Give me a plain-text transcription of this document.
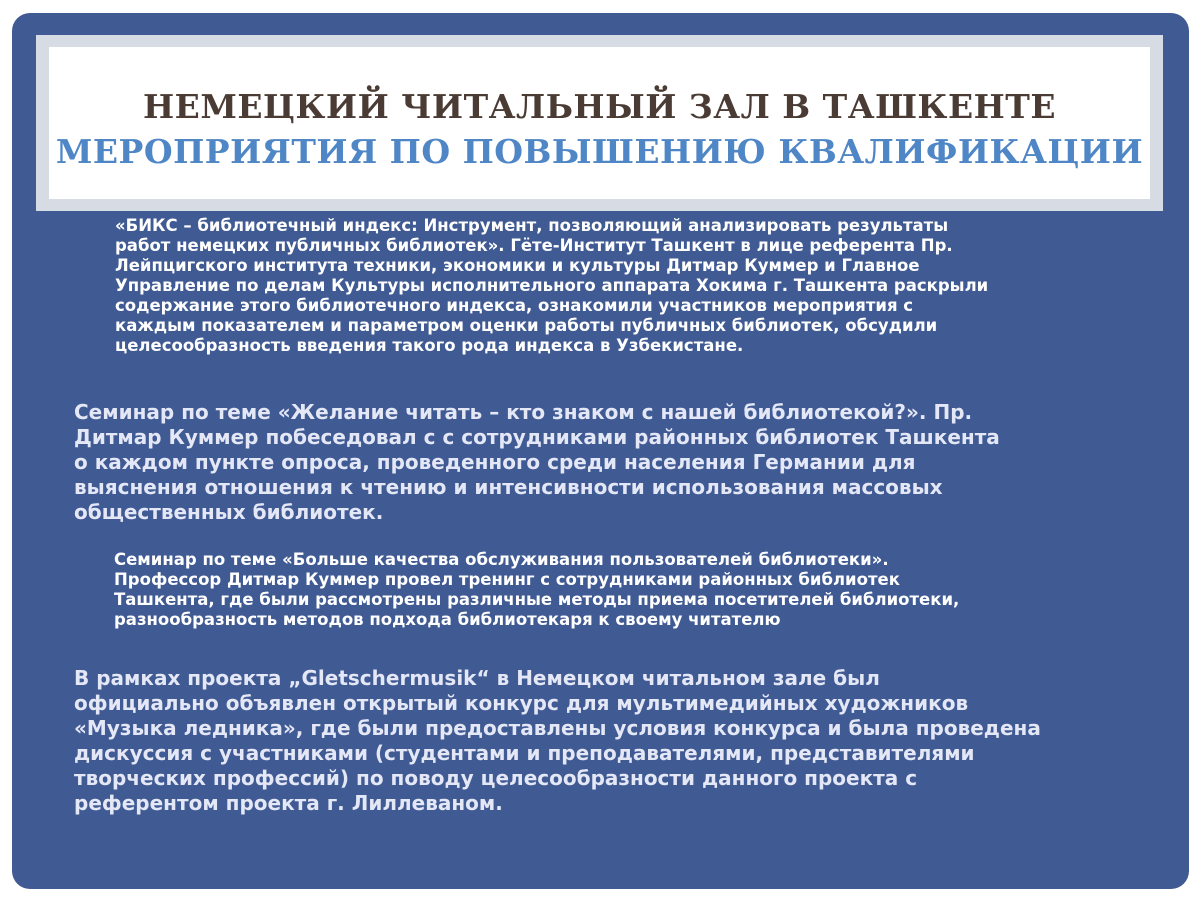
НЕМЕЦКИЙ ЧИТАЛЬНЫЙ ЗАЛ В ТАШКЕНТЕ
МЕРОПРИЯТИЯ ПО ПОВЫШЕНИЮ КВАЛИФИКАЦИИ

«БИКС – библиотечный индекс: Инструмент, позволяющий анализировать результаты
работ немецких публичных библиотек». Гёте-Институт Ташкент в лице референта Пр.
Лейпцигского института техники, экономики и культуры Дитмар Куммер и Главное
Управление по делам Культуры исполнительного аппарата Хокима г. Ташкента раскрыли
содержание этого библиотечного индекса, ознакомили участников мероприятия с
каждым показателем и параметром оценки работы публичных библиотек, обсудили
целесообразность введения такого рода индекса в Узбекистане.

Семинар по теме «Желание читать – кто знаком с нашей библиотекой?». Пр.
Дитмар Куммер побеседовал с с сотрудниками районных библиотек Ташкента
о каждом пункте опроса, проведенного среди населения Германии для
выяснения отношения к чтению и интенсивности использования массовых
общественных библиотек.

Семинар по теме «Больше качества обслуживания пользователей библиотеки».
Профессор Дитмар Куммер провел тренинг с сотрудниками районных библиотек
Ташкента, где были рассмотрены различные методы приема посетителей библиотеки,
разнообразность методов подхода библиотекаря к своему читателю

В рамках проекта „Gletschermusik“ в Немецком читальном зале был
официально объявлен открытый конкурс для мультимедийных художников
«Музыка ледника», где были предоставлены условия конкурса и была проведена
дискуссия с участниками (студентами и преподавателями, представителями
творческих профессий) по поводу целесообразности данного проекта с
референтом проекта г. Лиллеваном.
